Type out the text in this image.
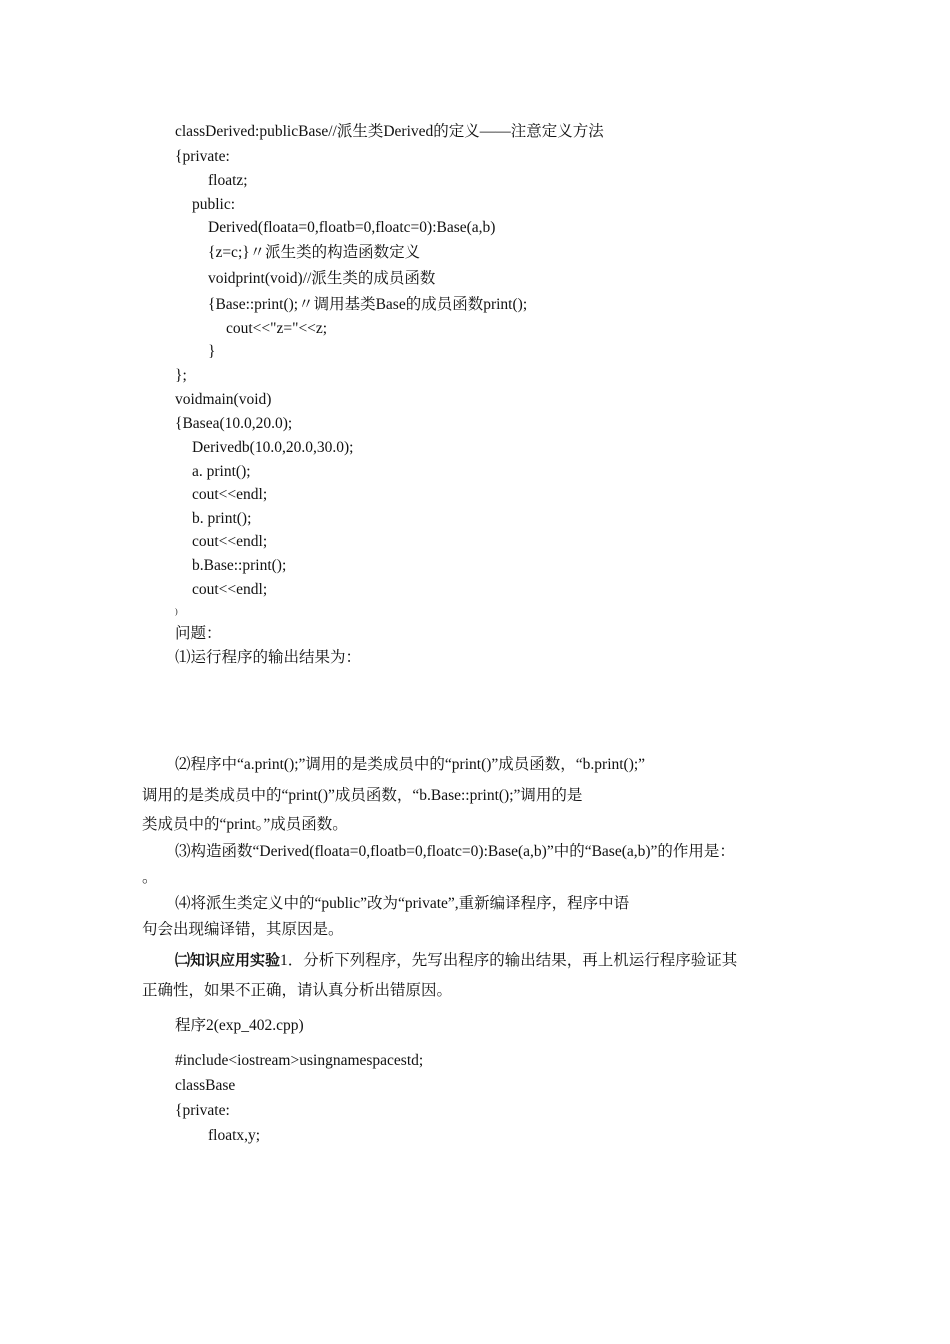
classDerived:publicBase//派生类Derived的定义——注意定义方法
{private:
floatz;
public:
Derived(floata=0,floatb=0,floatc=0):Base(a,b)
{z=c;}〃派生类的构造函数定义
voidprint(void)//派生类的成员函数
{Base::print();〃调用基类Base的成员函数print();
cout<<"z="<<z;
}
};
voidmain(void)
{Basea(10.0,20.0);
Derivedb(10.0,20.0,30.0);
a. print();
cout<<endl;
b. print();
cout<<endl;
b.Base::print();
cout<<endl;
)
问题：
⑴运行程序的输出结果为：
⑵程序中“a.print();”调用的是类成员中的“print()”成员函数，“b.print();”
调用的是类成员中的“print()”成员函数，“b.Base::print();”调用的是
类成员中的“print。”成员函数。
⑶构造函数“Derived(floata=0,floatb=0,floatc=0):Base(a,b)”中的“Base(a,b)”的作用是：
。
⑷将派生类定义中的“public”改为“private”,重新编译程序，程序中语
句会出现编译错，其原因是。
㈡知识应用实验1．分析下列程序，先写出程序的输出结果，再上机运行程序验证其
正确性，如果不正确，请认真分析出错原因。
程序2(exp_402.cpp)
#include<iostream>usingnamespacestd;
classBase
{private:
floatx,y;
